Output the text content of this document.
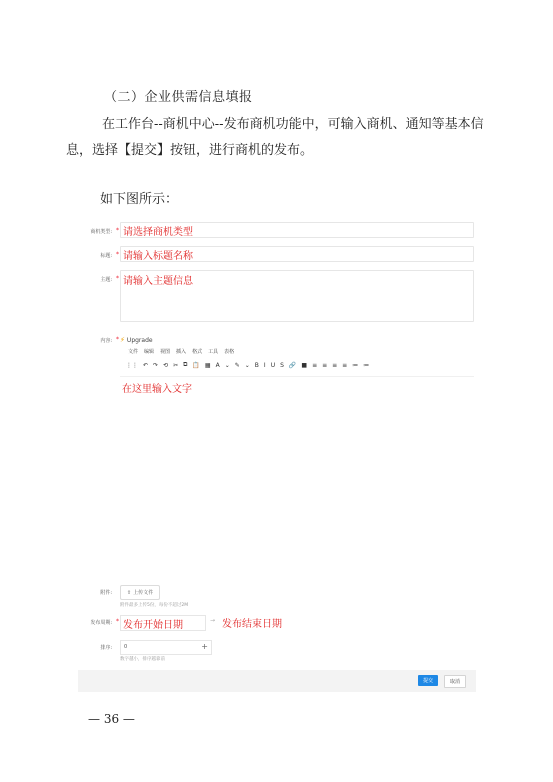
（二）企业供需信息填报
在工作台--商机中心--发布商机功能中，可输入商机、通知等基本信息，选择【提交】按钮，进行商机的发布。
如下图所示：
商机类型: * 请选择商机类型
标题: * 请输入标题名称
主题: * 请输入主题信息
内容: * ⚡ Upgrade
文件 编辑 视图 插入 格式 工具 表格
⋮⋮ ↶ ↷ ⟲ ✂ ⧉ 📋 ▦ A ⌄ ✎ ⌄ B I U S 🔗 ■ ≡ ≡ ≡ ≡ ≔ ≔
在这里输入文字
附件:	⇧ 上传文件
附件最多上传5份，每份不超过2M
发布周期: * 发布开始日期	→ 发布结束日期
排序: 0	+
数字越小，排序越靠前
提交	取消
— 36 —
